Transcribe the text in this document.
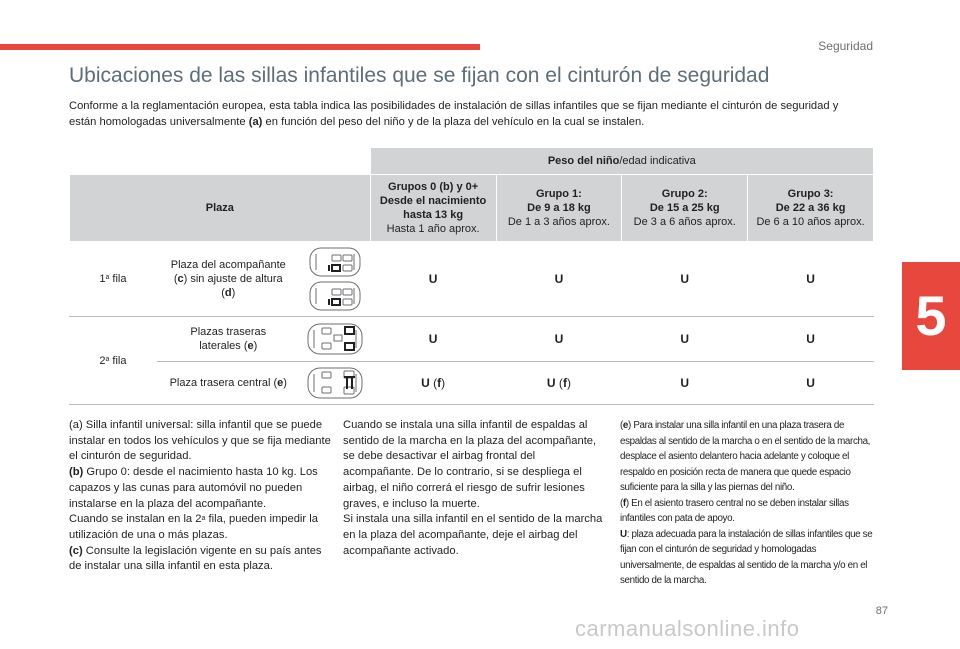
Seguridad
5
Ubicaciones de las sillas infantiles que se fijan con el cinturón de seguridad

Conforme a la reglamentación europea, esta tabla indica las posibilidades de instalación de sillas infantiles que se fijan mediante el cinturón de seguridad y están homologadas universalmente (a) en función del peso del niño y de la plaza del vehículo en la cual se instalen.

			Peso del niño/edad indicativa			
Plaza			Grupos 0 (b) y 0+
Desde el nacimiento
hasta 13 kg
Hasta 1 año aprox.	Grupo 1:
De 9 a 18 kg
De 1 a 3 años aprox.	Grupo 2:
De 15 a 25 kg
De 3 a 6 años aprox.	Grupo 3:
De 22 a 36 kg
De 6 a 10 años aprox.
1$^a$ fila	Plaza del acompañante
(c) sin ajuste de altura
(d)		U	U	U	U
2$^a$ fila	Plazas traseras
laterales (e)		U	U	U	U
	Plaza trasera central (e)		U (f)	U (f)	U	U

(a) Silla infantil universal: silla infantil que se puede instalar en todos los vehículos y que se fija mediante el cinturón de seguridad.

(b) Grupo 0: desde el nacimiento hasta 10 kg. Los capazos y las cunas para automóvil no pueden instalarse en la plaza del acompañante.

Cuando se instalan en la 2$^a$ fila, pueden impedir la utilización de una o más plazas.

(c) Consulte la legislación vigente en su país antes de instalar una silla infantil en esta plaza.

Cuando se instala una silla infantil de espaldas al sentido de la marcha en la plaza del acompañante, se debe desactivar el airbag frontal del acompañante. De lo contrario, si se despliega el airbag, el niño correrá el riesgo de sufrir lesiones graves, e incluso la muerte.

Si instala una silla infantil en el sentido de la marcha en la plaza del acompañante, deje el airbag del acompañante activado.

(e) Para instalar una silla infantil en una plaza trasera de espaldas al sentido de la marcha o en el sentido de la marcha, desplace el asiento delantero hacia adelante y coloque el respaldo en posición recta de manera que quede espacio suficiente para la silla y las piernas del niño.

(f) En el asiento trasero central no se deben instalar sillas infantiles con pata de apoyo.

U: plaza adecuada para la instalación de sillas infantiles que se fijan con el cinturón de seguridad y homologadas universalmente, de espaldas al sentido de la marcha y/o en el sentido de la marcha.

87
carmanualsonline.info
